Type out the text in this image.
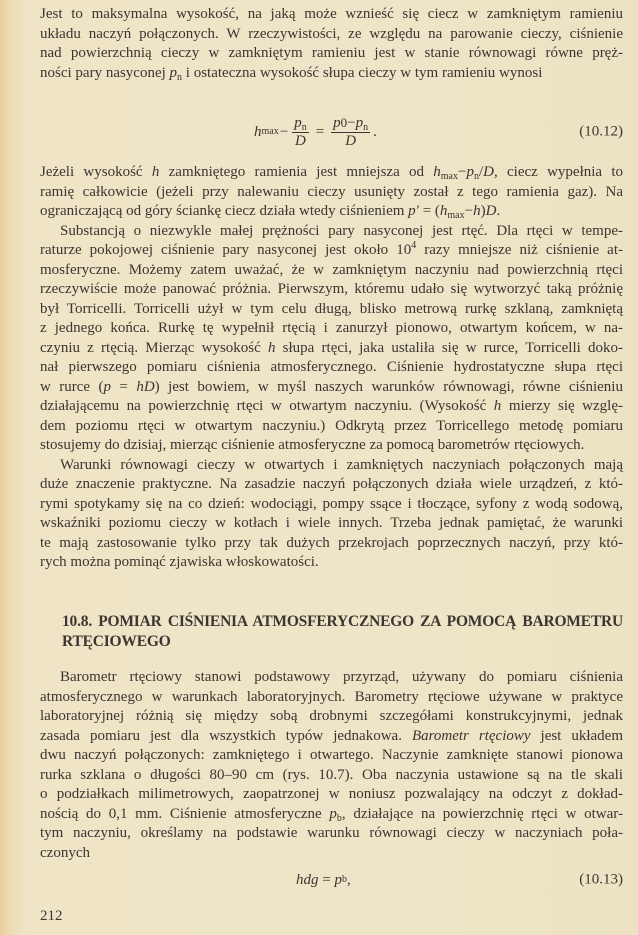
Jest to maksymalna wysokość, na jaką może wznieść się ciecz w zamkniętym ramieniu
układu naczyń połączonych. W rzeczywistości, ze względu na parowanie cieczy, ciśnienie
nad powierzchnią cieczy w zamkniętym ramieniu jest w stanie równowagi równe pręż-
ności pary nasyconej $p_n$ i ostateczna wysokość słupa cieczy w tym ramieniu wynosi
h $\max - \frac{p_n}{D} = \frac{p0-p_n}{D}$ .	(10.12)
Jeżeli wysokość h zamkniętego ramienia jest mniejsza od $h_{max}-p_n/D$, ciecz wypełnia to
ramię całkowicie (jeżeli przy nalewaniu cieczy usunięty został z tego ramienia gaz). Na
ograniczającą od góry ściankę ciecz działa wtedy ciśnieniem $p' = (h_{max}-h)D$.
Substancją o niezwykle małej prężności pary nasyconej jest rtęć. Dla rtęci w tempe-
raturze pokojowej ciśnienie pary nasyconej jest około $10^4$ razy mniejsze niż ciśnienie at-
mosferyczne. Możemy zatem uważać, że w zamkniętym naczyniu nad powierzchnią rtęci
rzeczywiście może panować próżnia. Pierwszym, któremu udało się wytworzyć taką próżnię
był Torricelli. Torricelli użył w tym celu długą, blisko metrową rurkę szklaną, zamkniętą
z jednego końca. Rurkę tę wypełnił rtęcią i zanurzył pionowo, otwartym końcem, w na-
czyniu z rtęcią. Mierząc wysokość h słupa rtęci, jaka ustaliła się w rurce, Torricelli doko-
nał pierwszego pomiaru ciśnienia atmosferycznego. Ciśnienie hydrostatyczne słupa rtęci
w rurce (p = hD) jest bowiem, w myśl naszych warunków równowagi, równe ciśnieniu
działającemu na powierzchnię rtęci w otwartym naczyniu. (Wysokość h mierzy się wzglę-
dem poziomu rtęci w otwartym naczyniu.) Odkrytą przez Torricellego metodę pomiaru
stosujemy do dzisiaj, mierząc ciśnienie atmosferyczne za pomocą barometrów rtęciowych.
Warunki równowagi cieczy w otwartych i zamkniętych naczyniach połączonych mają
duże znaczenie praktyczne. Na zasadzie naczyń połączonych działa wiele urządzeń, z któ-
rymi spotykamy się na co dzień: wodociągi, pompy ssące i tłoczące, syfony z wodą sodową,
wskaźniki poziomu cieczy w kotłach i wiele innych. Trzeba jednak pamiętać, że warunki
te mają zastosowanie tylko przy tak dużych przekrojach poprzecznych naczyń, przy któ-
rych można pominąć zjawiska włoskowatości.
10.8. POMIAR CIŚNIENIA ATMOSFERYCZNEGO ZA POMOCĄ BAROMETRU
RTĘCIOWEGO
Barometr rtęciowy stanowi podstawowy przyrząd, używany do pomiaru ciśnienia
atmosferycznego w warunkach laboratoryjnych. Barometry rtęciowe używane w praktyce
laboratoryjnej różnią się między sobą drobnymi szczegółami konstrukcyjnymi, jednak
zasada pomiaru jest dla wszystkich typów jednakowa. Barometr rtęciowy jest układem
dwu naczyń połączonych: zamkniętego i otwartego. Naczynie zamknięte stanowi pionowa
rurka szklana o długości 80–90 cm (rys. 10.7). Oba naczynia ustawione są na tle skali
o podziałkach milimetrowych, zaopatrzonej w noniusz pozwalający na odczyt z dokład-
nością do 0,1 mm. Ciśnienie atmosferyczne $p_b$, działające na powierzchnię rtęci w otwar-
tym naczyniu, określamy na podstawie warunku równowagi cieczy w naczyniach poła-
czonych
hdg = p b ,	(10.13)
212
